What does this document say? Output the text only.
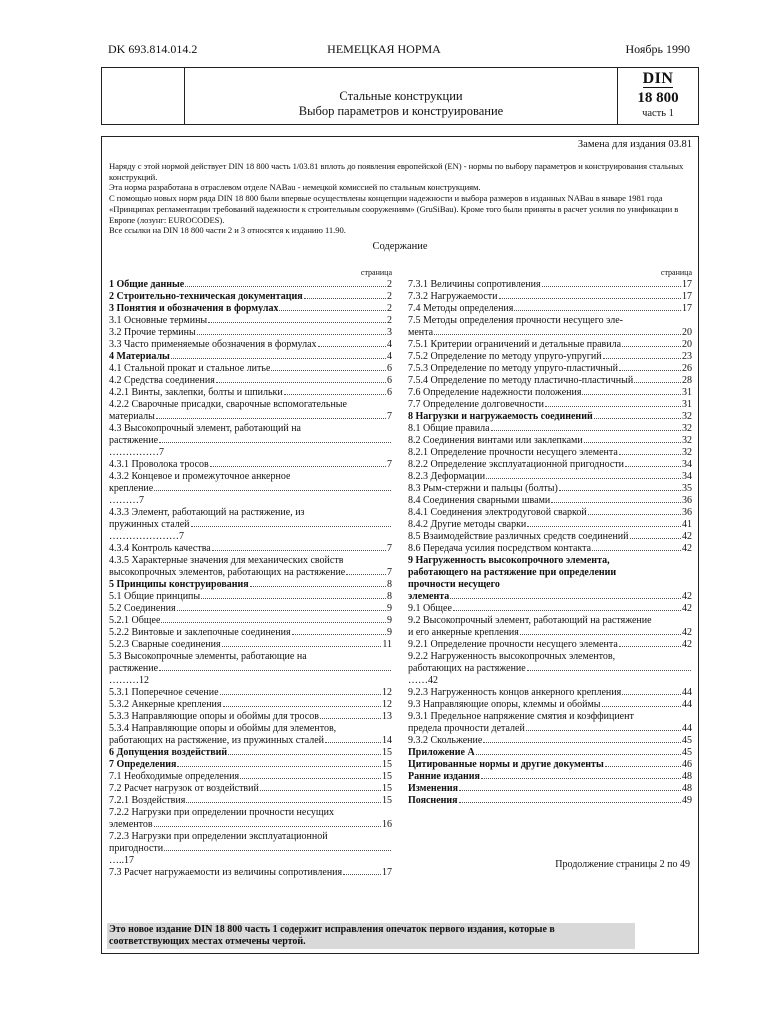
DK 693.814.014.2	НЕМЕЦКАЯ НОРМА	Ноябрь 1990
Стальные конструкции
Выбор параметров и конструирование
DIN
18 800
часть 1
Замена для издания 03.81

Наряду с этой нормой действует DIN 18 800 часть 1/03.81 вплоть до появления европейской (EN) - нормы по выбору параметров и конструирования стальных конструкций.

Эта норма разработана в отраслевом отделе NABau - немецкой комиссией по стальным конструкциям.

С помощью новых норм ряда DIN 18 800 были впервые осуществлены концепции надежности и выбора размеров в изданных NABau в январе 1981 года «Принципах регламентации требований надежности к строительным сооружениям» (GruSiBau). Кроме того были приняты в расчет усилия по унификации в Европе (лозунг: EUROCODES).

Все ссылки на DIN 18 800 части 2 и 3 относятся к изданию 11.90.

Содержание
страница
1 Общие данные	2
2 Строительно-техническая документация	2
3 Понятия и обозначения в формулах	2
3.1 Основные термины	2
3.2 Прочие термины	3
3.3 Часто применяемые обозначения в формулах	4
4 Материалы	4
4.1 Стальной прокат и стальное литье	6
4.2 Средства соединения	6
4.2.1 Винты, заклепки, болты и шпильки	6
4.2.2 Сварочные присадки, сварочные вспомогательные
материалы	7
4.3 Высокопрочный элемент, работающий на
растяжение
……………7
4.3.1 Проволока тросов	7
4.3.2 Концевое и промежуточное анкерное
крепление
………7
4.3.3 Элемент, работающий на растяжение, из
пружинных сталей
…………………7
4.3.4 Контроль качества	7
4.3.5 Характерные значения для механических свойств
высокопрочных элементов, работающих на растяжение	7
5 Принципы конструирования	8
5.1 Общие принципы	8
5.2 Соединения	9
5.2.1 Общее	9
5.2.2 Винтовые и заклепочные соединения	9
5.2.3 Сварные соединения	11
5.3 Высокопрочные элементы, работающие на
растяжение
………12
5.3.1 Поперечное сечение	12
5.3.2 Анкерные крепления	12
5.3.3 Направляющие опоры и обоймы для тросов	13
5.3.4 Направляющие опоры и обоймы для элементов,
работающих на растяжение, из пружинных сталей	14
6 Допущения воздействий	15
7 Определения	15
7.1 Необходимые определения	15
7.2 Расчет нагрузок от воздействий	15
7.2.1 Воздействия	15
7.2.2 Нагрузки при определении прочности несущих
элементов	16
7.2.3 Нагрузки при определении эксплуатационной
пригодности
…..17
7.3 Расчет нагружаемости из величины сопротивления	17
страница
7.3.1 Величины сопротивления	17
7.3.2 Нагружаемости	17
7.4 Методы определения	17
7.5 Методы определения прочности несущего эле-
мента	20
7.5.1 Критерии ограничений и детальные правила	20
7.5.2 Определение по методу упруго-упругий	23
7.5.3 Определение по методу упруго-пластичный	26
7.5.4 Определение по методу пластично-пластичный	28
7.6 Определение надежности положения	31
7.7 Определение долговечности	31
8 Нагрузки и нагружаемость соединений	32
8.1 Общие правила	32
8.2 Соединения винтами или заклепками	32
8.2.1 Определение прочности несущего элемента	32
8.2.2 Определение эксплуатационной пригодности	34
8.2.3 Деформации	34
8.3 Рым-стержни и пальцы (болты)	35
8.4 Соединения сварными швами	36
8.4.1 Соединения электродуговой сваркой	36
8.4.2 Другие методы сварки	41
8.5 Взаимодействие различных средств соединений	42
8.6 Передача усилия посредством контакта	42
9 Нагруженность высокопрочного элемента,
работающего на растяжение при определении
прочности несущего
элемента	42
9.1 Общее	42
9.2 Высокопрочный элемент, работающий на растяжение
и его анкерные крепления	42
9.2.1 Определение прочности несущего элемента	42
9.2.2 Нагруженность высокопрочных элементов,
работающих на растяжение
……42
9.2.3 Нагруженность концов анкерного крепления	44
9.3 Направляющие опоры, клеммы и обоймы	44
9.3.1 Предельное напряжение смятия и коэффициент
предела прочности деталей	44
9.3.2 Скольжение	45
Приложение А	45
Цитированные нормы и другие документы	46
Ранние издания	48
Изменения	48
Пояснения	49
Продолжение страницы 2 по 49
Это новое издание DIN 18 800 часть 1 содержит исправления опечаток первого издания, которые в соответствующих местах отмечены чертой.
